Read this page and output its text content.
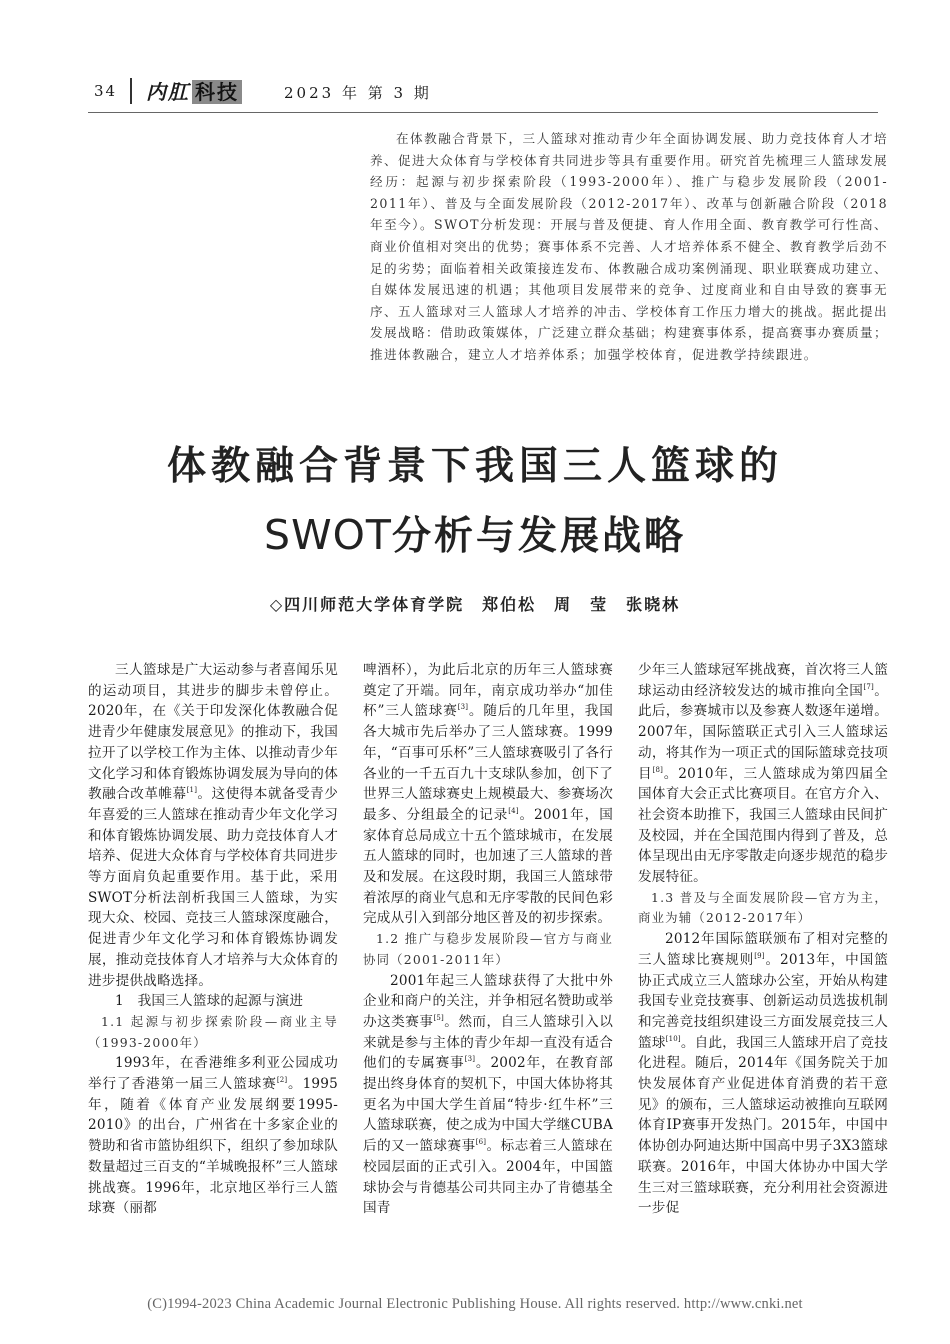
34 内肛 科技	2023 年 第 3 期
在体教融合背景下，三人篮球对推动青少年全面协调发展、助力竞技体育人才培养、促进大众体育与学校体育共同进步等具有重要作用。研究首先梳理三人篮球发展经历：起源与初步探索阶段（1993-2000年）、推广与稳步发展阶段（2001-2011年）、普及与全面发展阶段（2012-2017年）、改革与创新融合阶段（2018年至今）。SWOT分析发现：开展与普及便捷、育人作用全面、教育教学可行性高、商业价值相对突出的优势；赛事体系不完善、人才培养体系不健全、教育教学后劲不足的劣势；面临着相关政策接连发布、体教融合成功案例涌现、职业联赛成功建立、自媒体发展迅速的机遇；其他项目发展带来的竞争、过度商业和自由导致的赛事无序、五人篮球对三人篮球人才培养的冲击、学校体育工作压力增大的挑战。据此提出发展战略：借助政策媒体，广泛建立群众基础；构建赛事体系，提高赛事办赛质量；推进体教融合，建立人才培养体系；加强学校体育，促进教学持续跟进。
体教融合背景下我国三人篮球的
SWOT分析与发展战略
◇四川师范大学体育学院 郑伯松 周　莹 张晓林

三人篮球是广大运动参与者喜闻乐见的运动项目，其进步的脚步未曾停止。2020年，在《关于印发深化体教融合促进青少年健康发展意见》的推动下，我国拉开了以学校工作为主体、以推动青少年文化学习和体育锻炼协调发展为导向的体教融合改革帷幕[1]。这使得本就备受青少年喜爱的三人篮球在推动青少年文化学习和体育锻炼协调发展、助力竞技体育人才培养、促进大众体育与学校体育共同进步等方面肩负起重要作用。基于此，采用SWOT分析法剖析我国三人篮球，为实现大众、校园、竞技三人篮球深度融合，促进青少年文化学习和体育锻炼协调发展，推动竞技体育人才培养与大众体育的进步提供战略选择。

1　我国三人篮球的起源与演进

1.1 起源与初步探索阶段—商业主导（1993-2000年）

1993年，在香港维多利亚公园成功举行了香港第一届三人篮球赛[2]。1995年，随着《体育产业发展纲要1995-2010》的出台，广州省在十多家企业的赞助和省市篮协组织下，组织了参加球队数量超过三百支的“羊城晚报杯”三人篮球挑战赛。1996年，北京地区举行三人篮球赛（丽都

啤酒杯），为此后北京的历年三人篮球赛奠定了开端。同年，南京成功举办“加佳杯”三人篮球赛[3]。随后的几年里，我国各大城市先后举办了三人篮球赛。1999年，“百事可乐杯”三人篮球赛吸引了各行各业的一千五百九十支球队参加，创下了世界三人篮球赛史上规模最大、参赛场次最多、分组最全的记录[4]。2001年，国家体育总局成立十五个篮球城市，在发展五人篮球的同时，也加速了三人篮球的普及和发展。在这段时期，我国三人篮球带着浓厚的商业气息和无序零散的民间色彩完成从引入到部分地区普及的初步探索。

1.2 推广与稳步发展阶段—官方与商业协同（2001-2011年）

2001年起三人篮球获得了大批中外企业和商户的关注，并争相冠名赞助或举办这类赛事[5]。然而，自三人篮球引入以来就是参与主体的青少年却一直没有适合他们的专属赛事[3]。2002年，在教育部提出终身体育的契机下，中国大体协将其更名为中国大学生首届“特步·红牛杯”三人篮球联赛，使之成为中国大学继CUBA后的又一篮球赛事[6]。标志着三人篮球在校园层面的正式引入。2004年，中国篮球协会与肯德基公司共同主办了肯德基全国青

少年三人篮球冠军挑战赛，首次将三人篮球运动由经济较发达的城市推向全国[7]。此后，参赛城市以及参赛人数逐年递增。2007年，国际篮联正式引入三人篮球运动，将其作为一项正式的国际篮球竞技项目[8]。2010年，三人篮球成为第四届全国体育大会正式比赛项目。在官方介入、社会资本助推下，我国三人篮球由民间扩及校园，并在全国范围内得到了普及，总体呈现出由无序零散走向逐步规范的稳步发展特征。

1.3 普及与全面发展阶段—官方为主，商业为辅（2012-2017年）

2012年国际篮联颁布了相对完整的三人篮球比赛规则[9]。2013年，中国篮协正式成立三人篮球办公室，开始从构建我国专业竞技赛事、创新运动员选拔机制和完善竞技组织建设三方面发展竞技三人篮球[10]。自此，我国三人篮球开启了竞技化进程。随后，2014年《国务院关于加快发展体育产业促进体育消费的若干意见》的颁布，三人篮球运动被推向互联网体育IP赛事开发热门。2015年，中国中体协创办阿迪达斯中国高中男子3X3篮球联赛。2016年，中国大体协办中国大学生三对三篮球联赛，充分利用社会资源进一步促

(C)1994-2023 China Academic Journal Electronic Publishing House. All rights reserved. http://www.cnki.net
